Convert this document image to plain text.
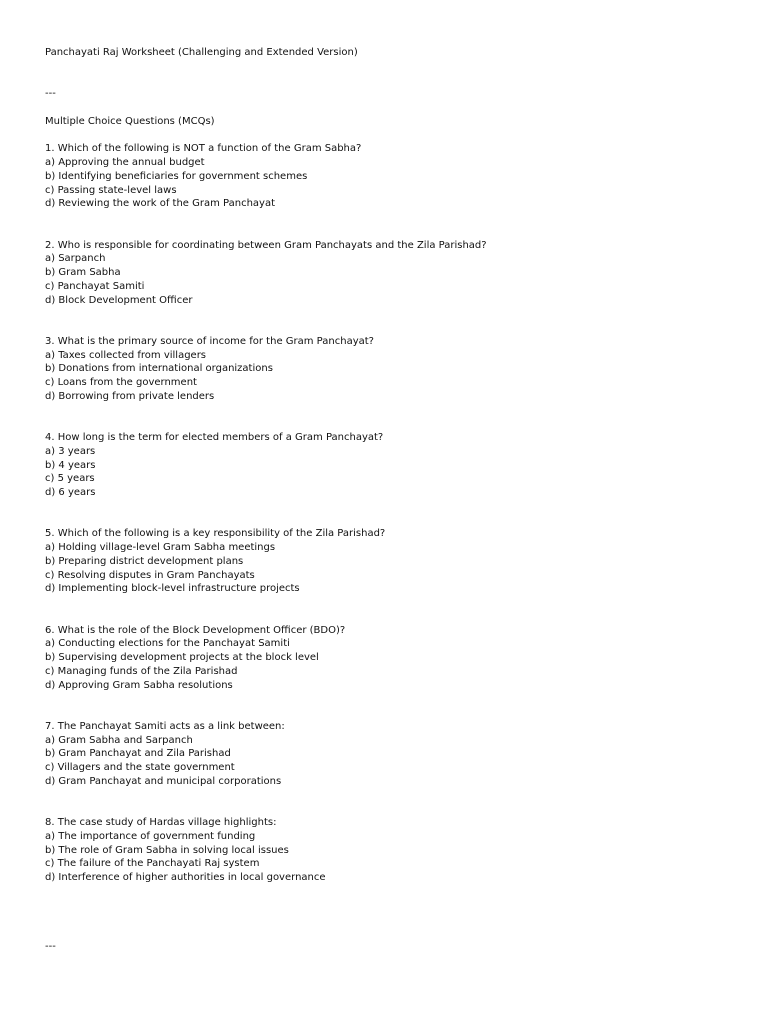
Panchayati Raj Worksheet (Challenging and Extended Version)
---
Multiple Choice Questions (MCQs)
1. Which of the following is NOT a function of the Gram Sabha?
a) Approving the annual budget
b) Identifying beneficiaries for government schemes
c) Passing state-level laws
d) Reviewing the work of the Gram Panchayat
2. Who is responsible for coordinating between Gram Panchayats and the Zila Parishad?
a) Sarpanch
b) Gram Sabha
c) Panchayat Samiti
d) Block Development Officer
3. What is the primary source of income for the Gram Panchayat?
a) Taxes collected from villagers
b) Donations from international organizations
c) Loans from the government
d) Borrowing from private lenders
4. How long is the term for elected members of a Gram Panchayat?
a) 3 years
b) 4 years
c) 5 years
d) 6 years
5. Which of the following is a key responsibility of the Zila Parishad?
a) Holding village-level Gram Sabha meetings
b) Preparing district development plans
c) Resolving disputes in Gram Panchayats
d) Implementing block-level infrastructure projects
6. What is the role of the Block Development Officer (BDO)?
a) Conducting elections for the Panchayat Samiti
b) Supervising development projects at the block level
c) Managing funds of the Zila Parishad
d) Approving Gram Sabha resolutions
7. The Panchayat Samiti acts as a link between:
a) Gram Sabha and Sarpanch
b) Gram Panchayat and Zila Parishad
c) Villagers and the state government
d) Gram Panchayat and municipal corporations
8. The case study of Hardas village highlights:
a) The importance of government funding
b) The role of Gram Sabha in solving local issues
c) The failure of the Panchayati Raj system
d) Interference of higher authorities in local governance
---
